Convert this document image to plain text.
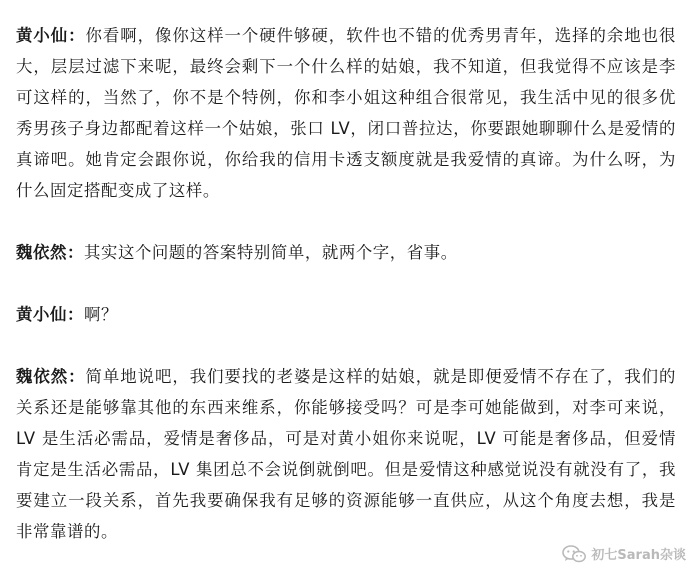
黄小仙：你看啊，像你这样一个硬件够硬，软件也不错的优秀男青年，选择的余地也很大，层层过滤下来呢，最终会剩下一个什么样的姑娘，我不知道，但我觉得不应该是李可这样的，当然了，你不是个特例，你和李小姐这种组合很常见，我生活中见的很多优秀男孩子身边都配着这样一个姑娘，张口 LV，闭口普拉达，你要跟她聊聊什么是爱情的真谛吧。她肯定会跟你说，你给我的信用卡透支额度就是我爱情的真谛。为什么呀，为什么固定搭配变成了这样。

魏依然：其实这个问题的答案特别简单，就两个字，省事。

黄小仙：啊？

魏依然：简单地说吧，我们要找的老婆是这样的姑娘，就是即便爱情不存在了，我们的关系还是能够靠其他的东西来维系，你能够接受吗？可是李可她能做到，对李可来说，LV 是生活必需品，爱情是奢侈品，可是对黄小姐你来说呢，LV 可能是奢侈品，但爱情肯定是生活必需品，LV 集团总不会说倒就倒吧。但是爱情这种感觉说没有就没有了，我要建立一段关系，首先我要确保我有足够的资源能够一直供应，从这个角度去想，我是非常靠谱的。

初七Sarah杂谈
